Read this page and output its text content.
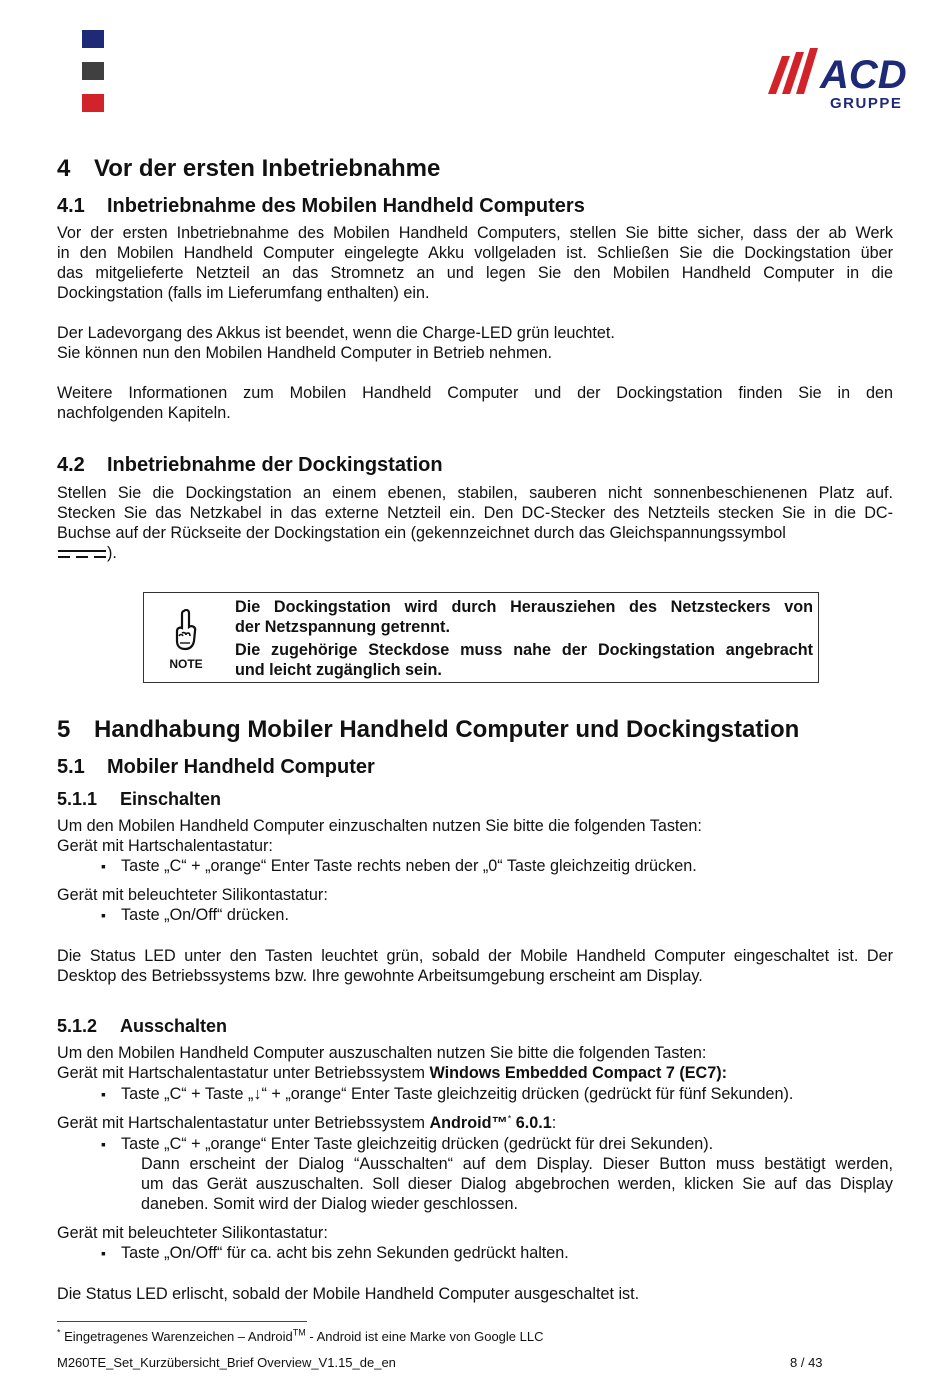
ACD
GRUPPE
4 Vor der ersten Inbetriebnahme
4.1 Inbetriebnahme des Mobilen Handheld Computers
Vor der ersten Inbetriebnahme des Mobilen Handheld Computers, stellen Sie bitte sicher, dass der ab Werk
in den Mobilen Handheld Computer eingelegte Akku vollgeladen ist. Schließen Sie die Dockingstation über
das mitgelieferte Netzteil an das Stromnetz an und legen Sie den Mobilen Handheld Computer in die
Dockingstation (falls im Lieferumfang enthalten) ein.
Der Ladevorgang des Akkus ist beendet, wenn die Charge-LED grün leuchtet.
Sie können nun den Mobilen Handheld Computer in Betrieb nehmen.
Weitere Informationen zum Mobilen Handheld Computer und der Dockingstation finden Sie in den
nachfolgenden Kapiteln.
4.2 Inbetriebnahme der Dockingstation
Stellen Sie die Dockingstation an einem ebenen, stabilen, sauberen nicht sonnenbeschienenen Platz auf.
Stecken Sie das Netzkabel in das externe Netzteil ein. Den DC-Stecker des Netzteils stecken Sie in die DC-
Buchse auf der Rückseite der Dockingstation ein (gekennzeichnet durch das Gleichspannungssymbol
).
NOTE
Die Dockingstation wird durch Herausziehen des Netzsteckers von
der Netzspannung getrennt.
Die zugehörige Steckdose muss nahe der Dockingstation angebracht
und leicht zugänglich sein.
5 Handhabung Mobiler Handheld Computer und Dockingstation
5.1 Mobiler Handheld Computer
5.1.1 Einschalten
Um den Mobilen Handheld Computer einzuschalten nutzen Sie bitte die folgenden Tasten:
Gerät mit Hartschalentastatur:
▪ Taste „C“ + „orange“ Enter Taste rechts neben der „0“ Taste gleichzeitig drücken.
Gerät mit beleuchteter Silikontastatur:
▪ Taste „On/Off“ drücken.
Die Status LED unter den Tasten leuchtet grün, sobald der Mobile Handheld Computer eingeschaltet ist. Der
Desktop des Betriebssystems bzw. Ihre gewohnte Arbeitsumgebung erscheint am Display.
5.1.2 Ausschalten
Um den Mobilen Handheld Computer auszuschalten nutzen Sie bitte die folgenden Tasten:
Gerät mit Hartschalentastatur unter Betriebssystem Windows Embedded Compact 7 (EC7):
▪ Taste „C“ + Taste „↓“ + „orange“ Enter Taste gleichzeitig drücken (gedrückt für fünf Sekunden).
Gerät mit Hartschalentastatur unter Betriebssystem Android™* 6.0.1:
▪ Taste „C“ + „orange“ Enter Taste gleichzeitig drücken (gedrückt für drei Sekunden).
Dann erscheint der Dialog “Ausschalten“ auf dem Display. Dieser Button muss bestätigt werden,
um das Gerät auszuschalten. Soll dieser Dialog abgebrochen werden, klicken Sie auf das Display
daneben. Somit wird der Dialog wieder geschlossen.
Gerät mit beleuchteter Silikontastatur:
▪ Taste „On/Off“ für ca. acht bis zehn Sekunden gedrückt halten.
Die Status LED erlischt, sobald der Mobile Handheld Computer ausgeschaltet ist.
* Eingetragenes Warenzeichen – Android™ - Android ist eine Marke von Google LLC
M260TE_Set_Kurzübersicht_Brief Overview_V1.15_de_en	8 / 43
